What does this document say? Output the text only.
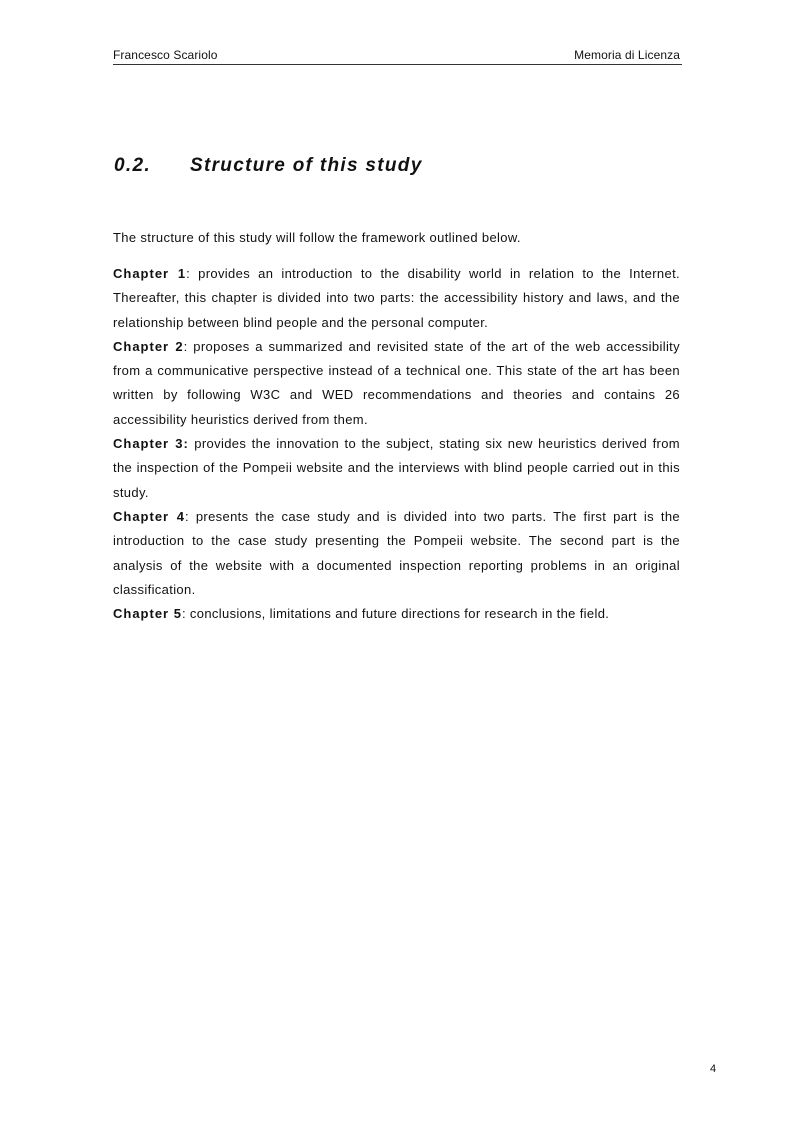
Francesco Scariolo	Memoria di Licenza
0.2. Structure of this study

The structure of this study will follow the framework outlined below.

Chapter 1: provides an introduction to the disability world in relation to the Internet. Thereafter, this chapter is divided into two parts: the accessibility history and laws, and the relationship between blind people and the personal computer.

Chapter 2: proposes a summarized and revisited state of the art of the web accessibility from a communicative perspective instead of a technical one. This state of the art has been written by following W3C and WED recommendations and theories and contains 26 accessibility heuristics derived from them.

Chapter 3: provides the innovation to the subject, stating six new heuristics derived from the inspection of the Pompeii website and the interviews with blind people carried out in this study.

Chapter 4: presents the case study and is divided into two parts. The first part is the introduction to the case study presenting the Pompeii website. The second part is the analysis of the website with a documented inspection reporting problems in an original classification.

Chapter 5: conclusions, limitations and future directions for research in the field.

4
